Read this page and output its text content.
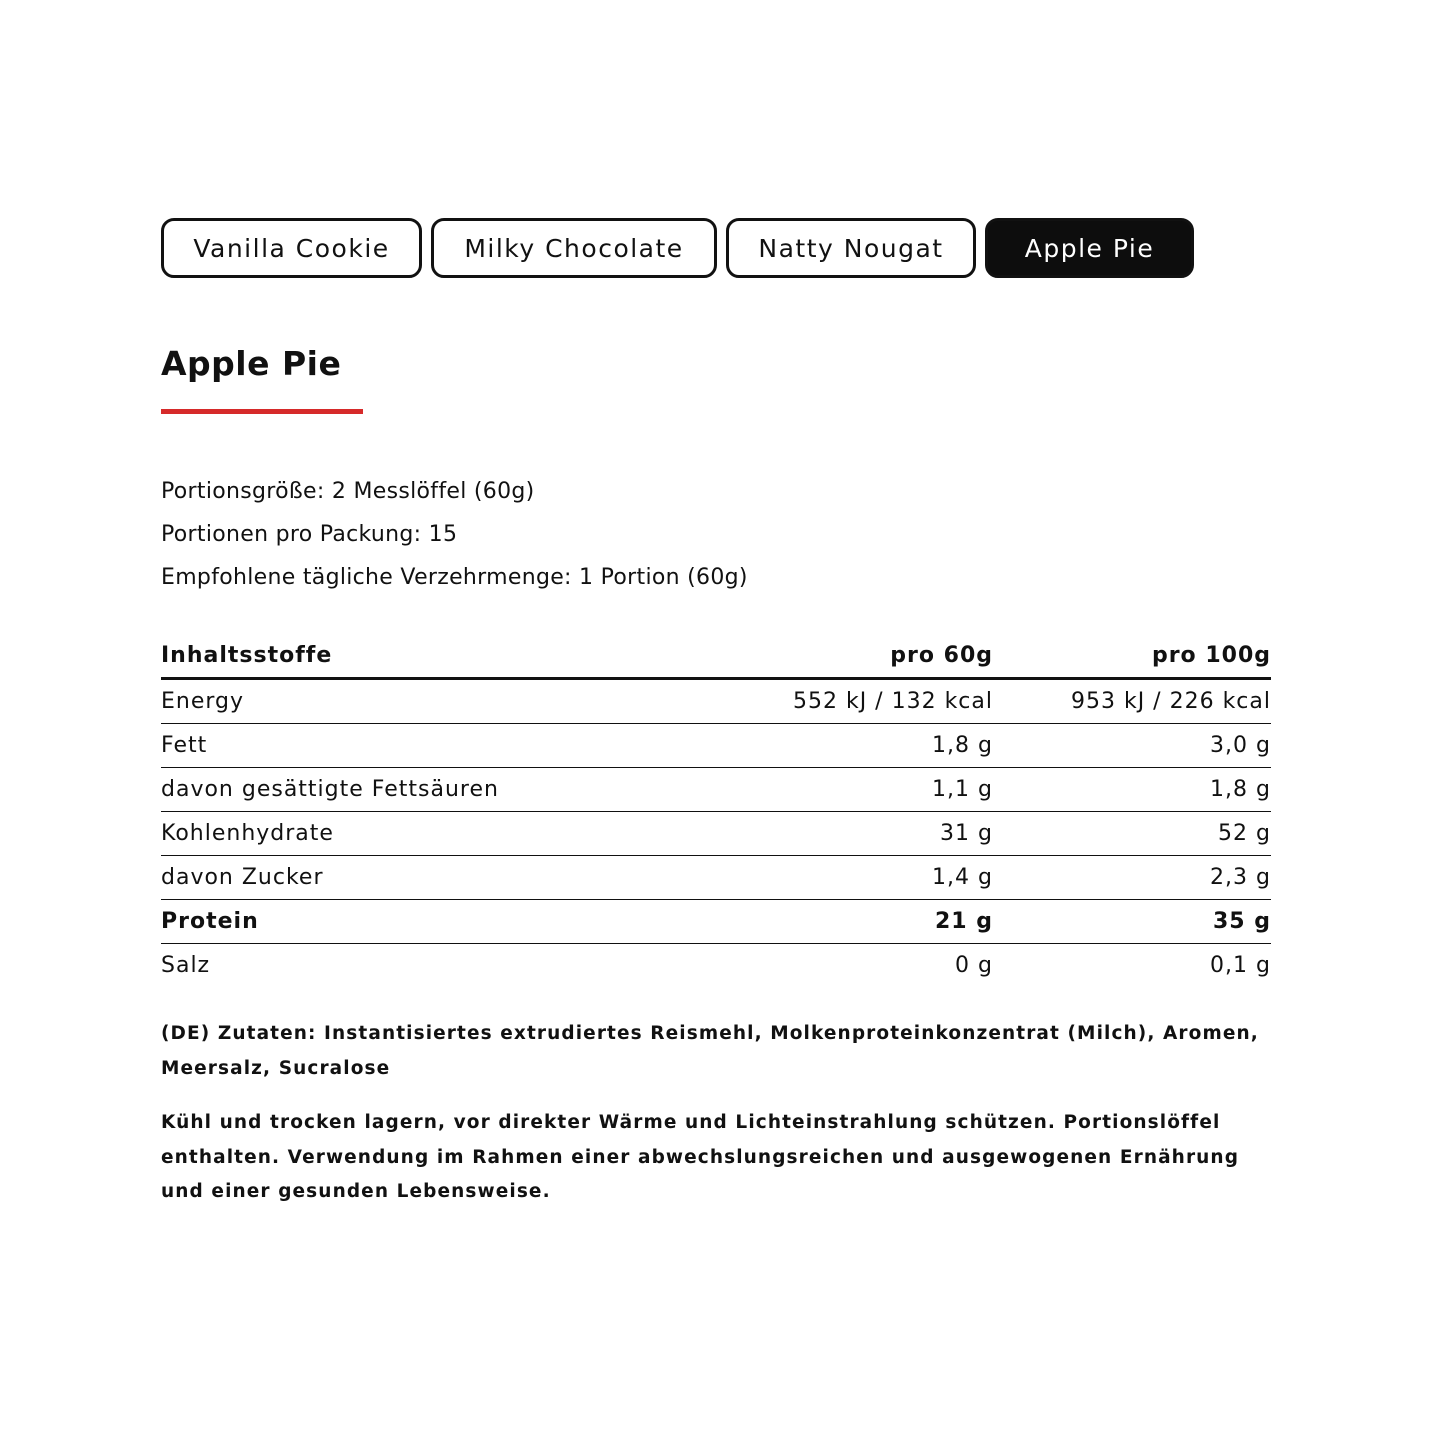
Vanilla Cookie	Milky Chocolate	Natty Nougat	Apple Pie
Apple Pie
Portionsgröße: 2 Messlöffel (60g)
Portionen pro Packung: 15
Empfohlene tägliche Verzehrmenge: 1 Portion (60g)
Inhaltsstoffe	pro 60g	pro 100g
Energy	552 kJ / 132 kcal	953 kJ / 226 kcal
Fett	1,8 g	3,0 g
davon gesättigte Fettsäuren	1,1 g	1,8 g
Kohlenhydrate	31 g	52 g
davon Zucker	1,4 g	2,3 g
Protein	21 g	35 g
Salz	0 g	0,1 g

(DE) Zutaten: Instantisiertes extrudiertes Reismehl, Molkenproteinkonzentrat (Milch), Aromen, Meersalz, Sucralose

Kühl und trocken lagern, vor direkter Wärme und Lichteinstrahlung schützen. Portionslöffel enthalten. Verwendung im Rahmen einer abwechslungsreichen und ausgewogenen Ernährung und einer gesunden Lebensweise.
